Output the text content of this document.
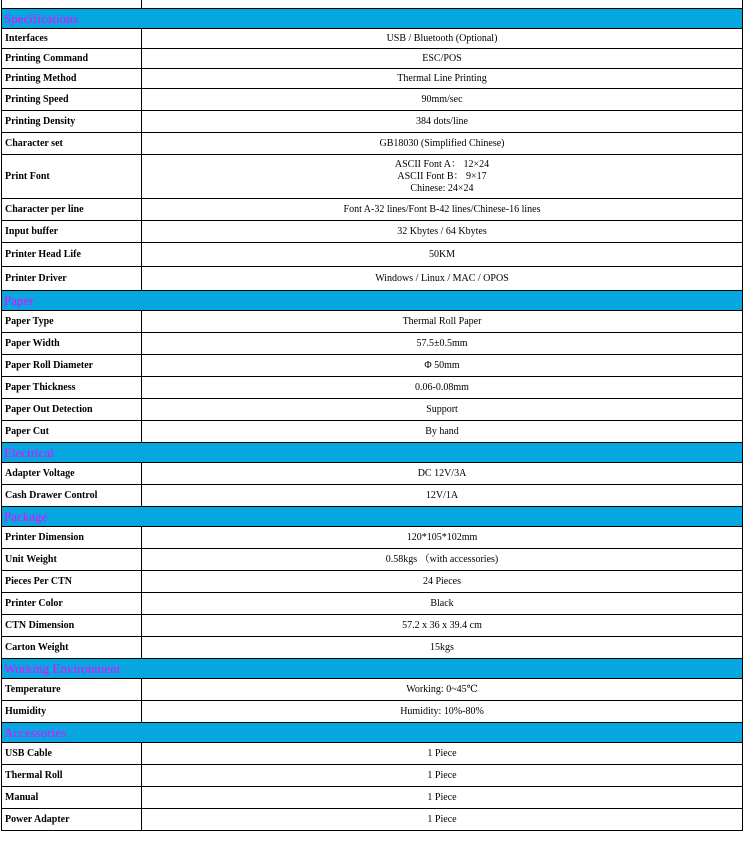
Specifications	
Interfaces	USB / Bluetooth (Optional)
Printing Command	ESC/POS
Printing Method	Thermal Line Printing
Printing Speed	90mm/sec
Printing Density	384 dots/line
Character set	GB18030 (Simplified Chinese)
Print Font	ASCII Font A： 12×24
ASCII Font B： 9×17
Chinese: 24×24

Character per line	Font A-32 lines/Font B-42 lines/Chinese-16 lines
Input buffer	32 Kbytes / 64 Kbytes
Printer Head Life	50KM
Printer Driver	Windows / Linux / MAC / OPOS
Paper	
Paper Type	Thermal Roll Paper
Paper Width	57.5±0.5mm
Paper Roll Diameter	Φ 50mm
Paper Thickness	0.06-0.08mm
Paper Out Detection	Support
Paper Cut	By hand
Electrical	
Adapter Voltage	DC 12V/3A
Cash Drawer Control	12V/1A
Package	
Printer Dimension	120*105*102mm
Unit Weight	0.58kgs （with accessories)
Pieces Per CTN	24 Pieces
Printer Color	Black
CTN Dimension	57.2 x 36 x 39.4 cm
Carton Weight	15kgs
Working Environment	
Temperature	Working: 0~45℃
Humidity	Humidity: 10%-80%
Accessories	
USB Cable	1 Piece
Thermal Roll	1 Piece
Manual	1 Piece
Power Adapter	1 Piece
